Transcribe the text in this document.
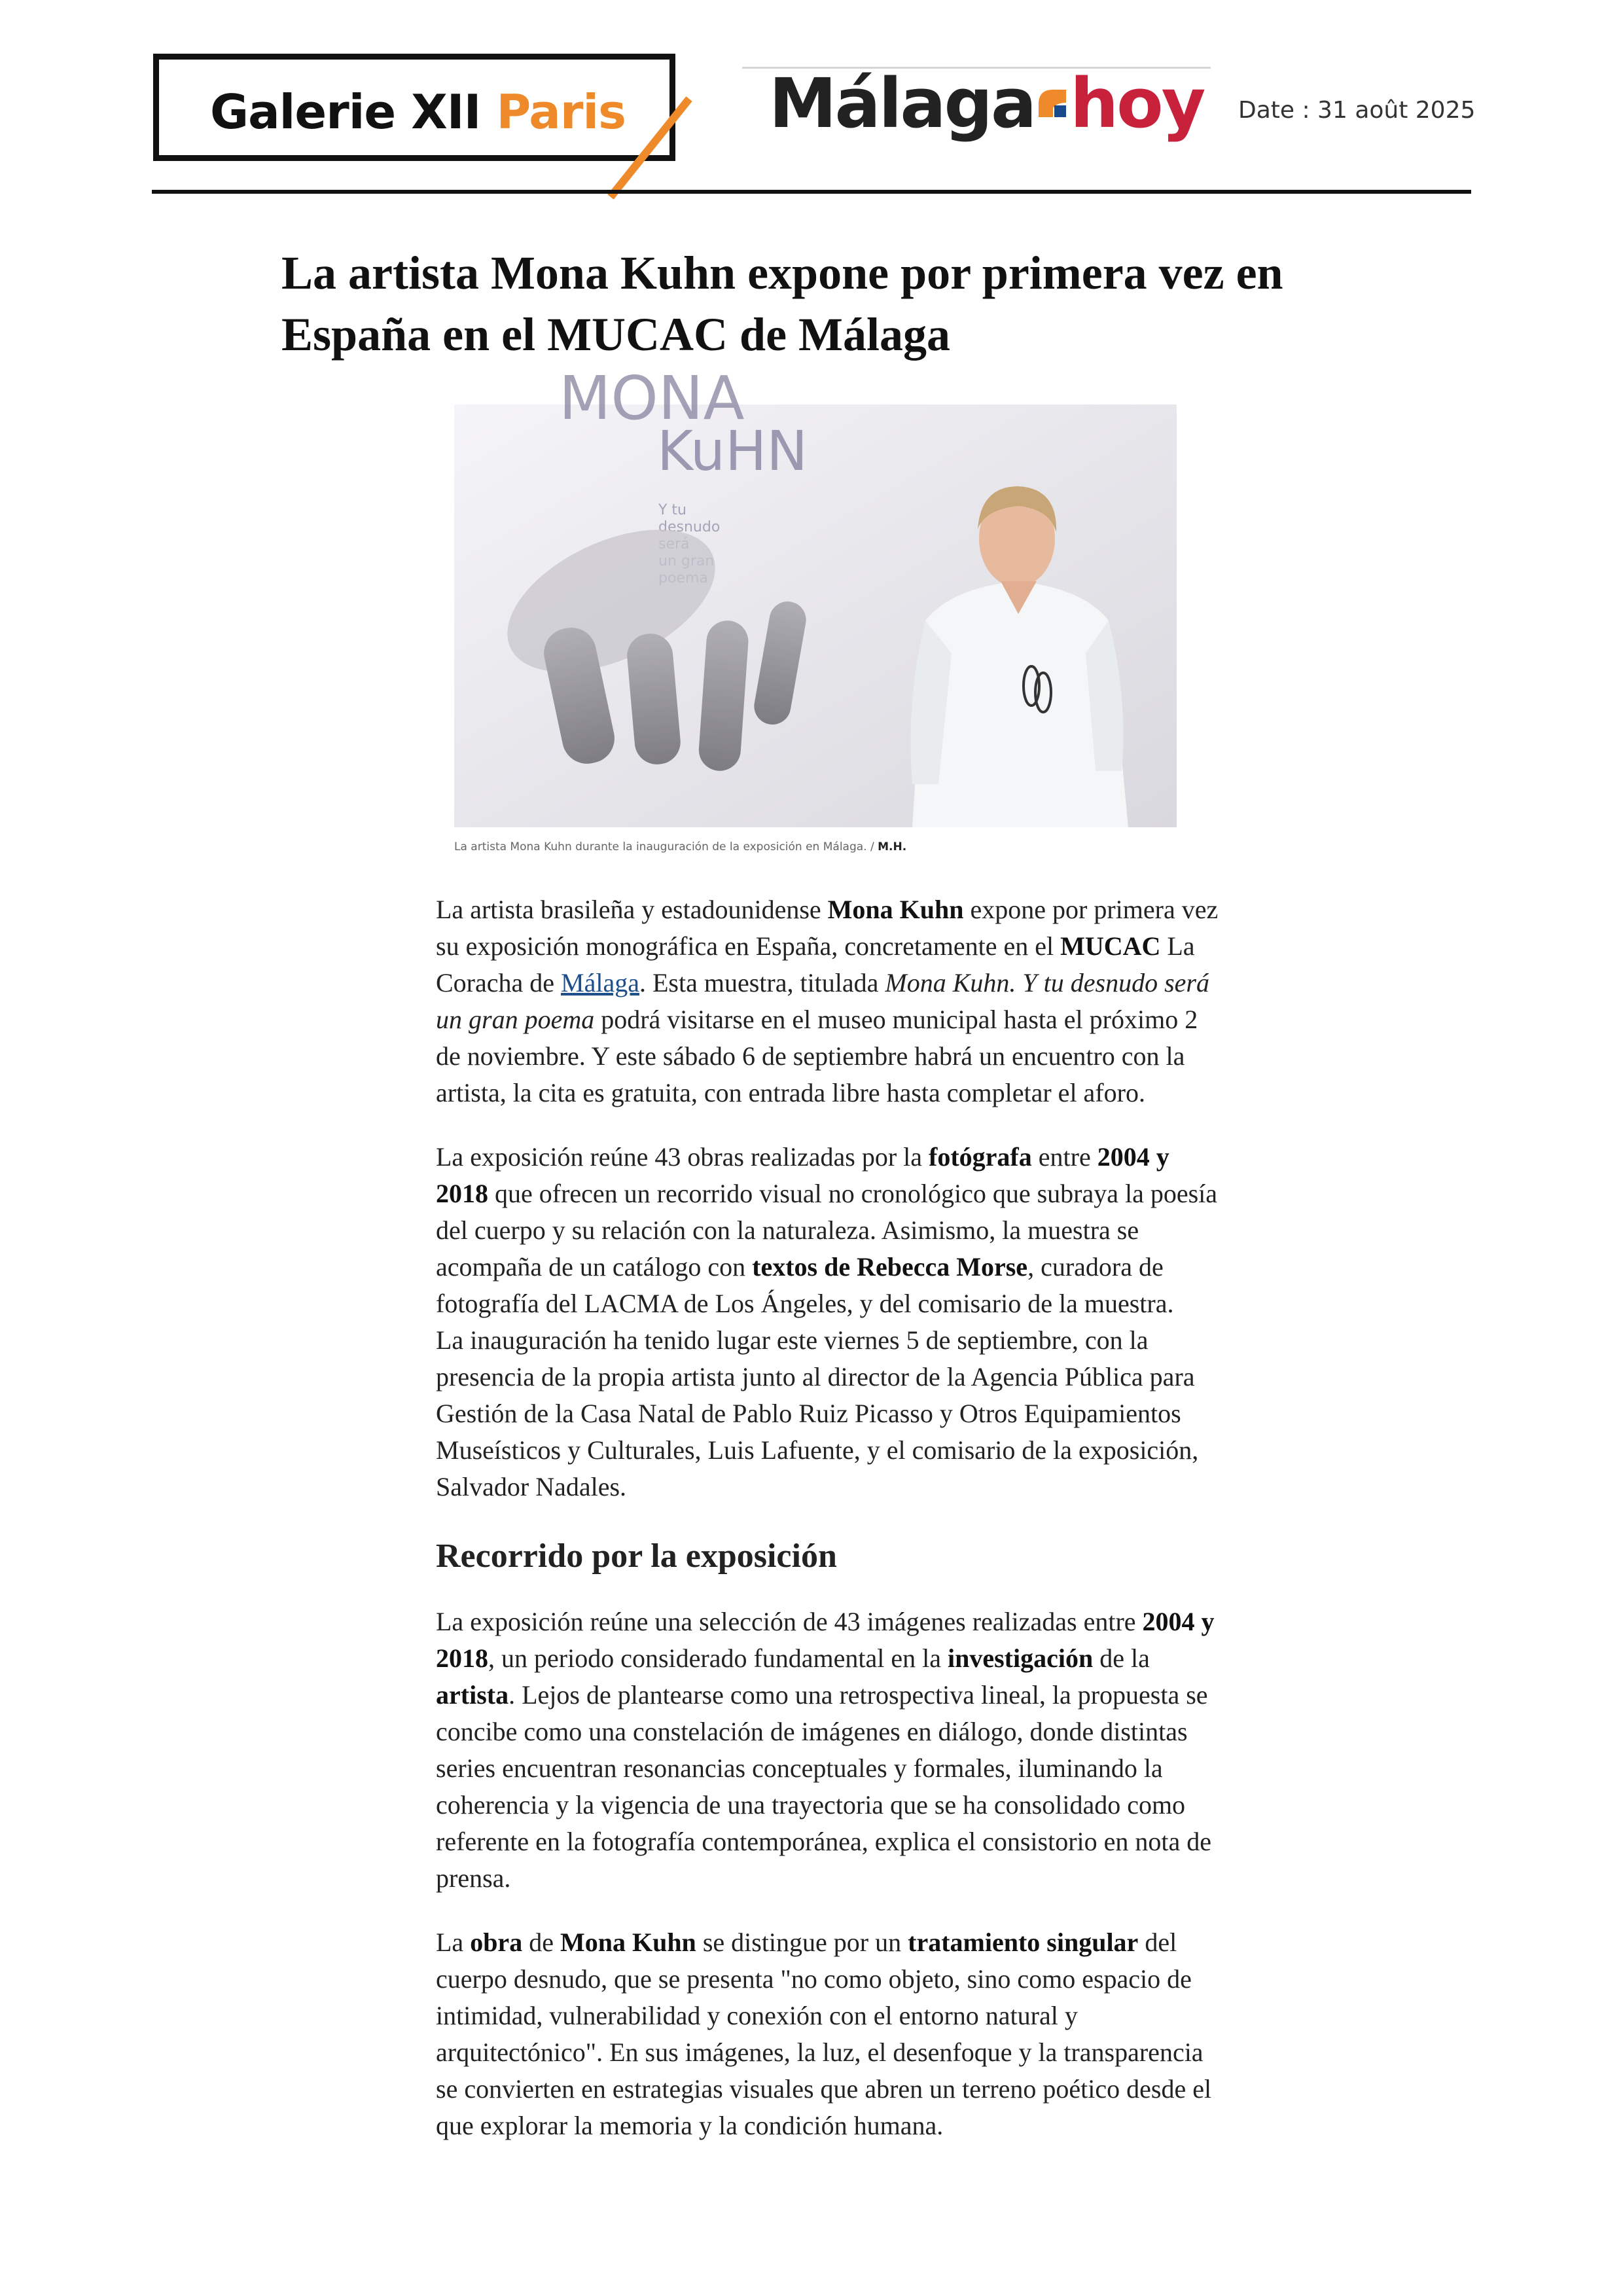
Galerie XII Paris Málaga hoy Date : 31 août 2025
La artista Mona Kuhn expone por primera vez en España en el MUCAC de Málaga
MONA
KuHN
Y tu
desnudo
La artista Mona Kuhn durante la inauguración de la exposición en Málaga. / M.H.

La artista brasileña y estadounidense Mona Kuhn expone por primera vez su exposición monográfica en España, concretamente en el MUCAC La Coracha de Málaga. Esta muestra, titulada Mona Kuhn. Y tu desnudo será un gran poema podrá visitarse en el museo municipal hasta el próximo 2 de noviembre. Y este sábado 6 de septiembre habrá un encuentro con la artista, la cita es gratuita, con entrada libre hasta completar el aforo.

La exposición reúne 43 obras realizadas por la fotógrafa entre 2004 y 2018 que ofrecen un recorrido visual no cronológico que subraya la poesía del cuerpo y su relación con la naturaleza. Asimismo, la muestra se acompaña de un catálogo con textos de Rebecca Morse, curadora de fotografía del LACMA de Los Ángeles, y del comisario de la muestra.

La inauguración ha tenido lugar este viernes 5 de septiembre, con la presencia de la propia artista junto al director de la Agencia Pública para Gestión de la Casa Natal de Pablo Ruiz Picasso y Otros Equipamientos Museísticos y Culturales, Luis Lafuente, y el comisario de la exposición, Salvador Nadales.

Recorrido por la exposición

La exposición reúne una selección de 43 imágenes realizadas entre 2004 y 2018, un periodo considerado fundamental en la investigación de la artista. Lejos de plantearse como una retrospectiva lineal, la propuesta se concibe como una constelación de imágenes en diálogo, donde distintas series encuentran resonancias conceptuales y formales, iluminando la coherencia y la vigencia de una trayectoria que se ha consolidado como referente en la fotografía contemporánea, explica el consistorio en nota de prensa.

La obra de Mona Kuhn se distingue por un tratamiento singular del cuerpo desnudo, que se presenta "no como objeto, sino como espacio de intimidad, vulnerabilidad y conexión con el entorno natural y arquitectónico". En sus imágenes, la luz, el desenfoque y la transparencia se convierten en estrategias visuales que abren un terreno poético desde el que explorar la memoria y la condición humana.
